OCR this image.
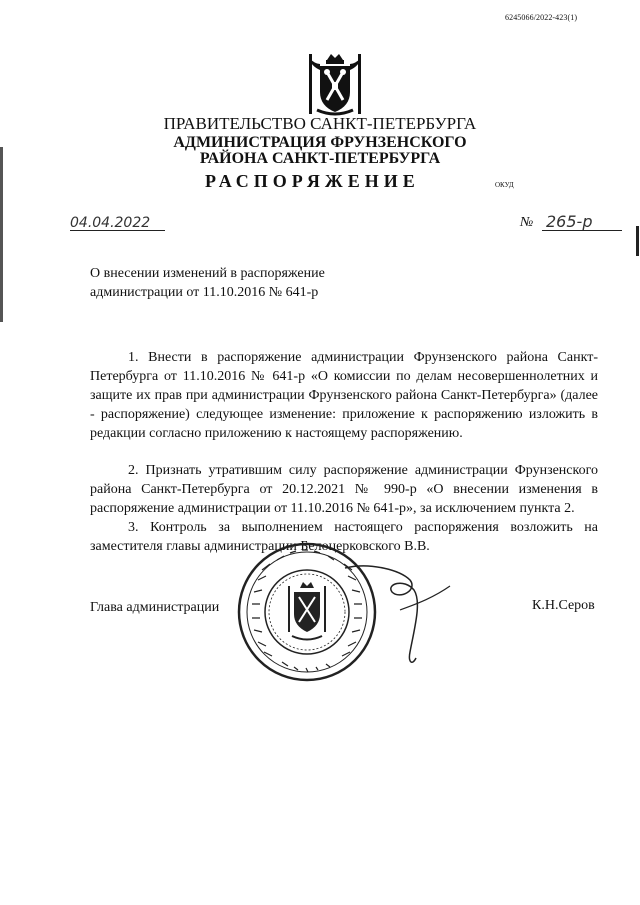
6245066/2022-423(1)
ПРАВИТЕЛЬСТВО САНКТ-ПЕТЕРБУРГА
АДМИНИСТРАЦИЯ ФРУНЗЕНСКОГО
РАЙОНА САНКТ-ПЕТЕРБУРГА
РАСПОРЯЖЕНИЕ	ОКУД
04.04.2022	№ 265-р
О внесении изменений в распоряжение
администрации от 11.10.2016 № 641-р
1. Внести в распоряжение администрации Фрунзенского района Санкт-Петербурга от 11.10.2016 № 641-р «О комиссии по делам несовершеннолетних и защите их прав при администрации Фрунзенского района Санкт-Петербурга» (далее - распоряжение) следующее изменение: приложение к распоряжению изложить в редакции согласно приложению к настоящему распоряжению.
2. Признать утратившим силу распоряжение администрации Фрунзенского района Санкт-Петербурга от 20.12.2021 № 990-р «О внесении изменения в распоряжение администрации от 11.10.2016 № 641-р», за исключением пункта 2.
3. Контроль за выполнением настоящего распоряжения возложить на заместителя главы администрации Белоцерковского В.В.
Глава администрации	К.Н.Серов
